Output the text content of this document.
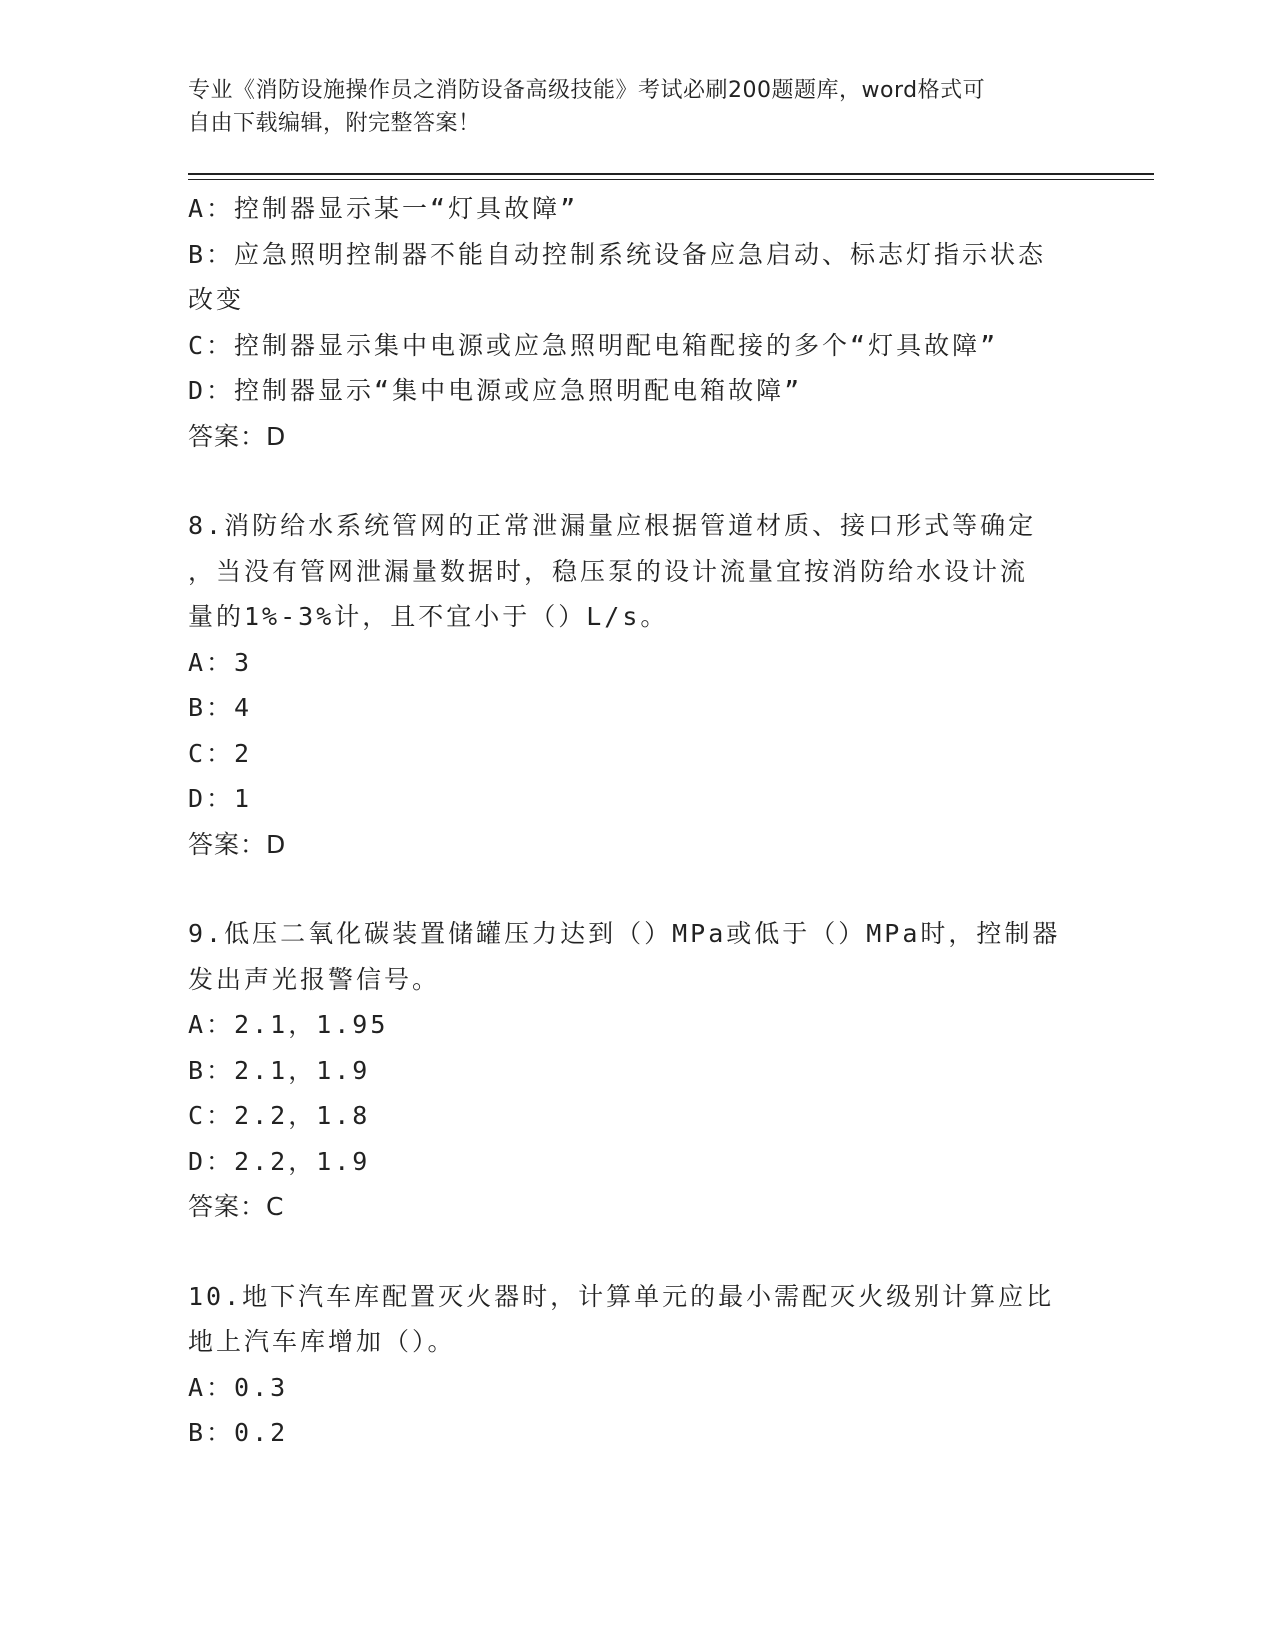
专业《消防设施操作员之消防设备高级技能》考试必刷200题题库，word格式可
自由下载编辑，附完整答案！

A：控制器显示某一“灯具故障”

B：应急照明控制器不能自动控制系统设备应急启动、标志灯指示状态

改变

C：控制器显示集中电源或应急照明配电箱配接的多个“灯具故障”

D：控制器显示“集中电源或应急照明配电箱故障”

答案：D

8.消防给水系统管网的正常泄漏量应根据管道材质、接口形式等确定

，当没有管网泄漏量数据时，稳压泵的设计流量宜按消防给水设计流

量的1%-3%计，且不宜小于（）L/s。

A：3

B：4

C：2

D：1

答案：D

9.低压二氧化碳装置储罐压力达到（）MPa或低于（）MPa时，控制器

发出声光报警信号。

A：2.1，1.95

B：2.1，1.9

C：2.2，1.8

D：2.2，1.9

答案：C

10.地下汽车库配置灭火器时，计算单元的最小需配灭火级别计算应比

地上汽车库增加（）。

A：0.3

B：0.2
